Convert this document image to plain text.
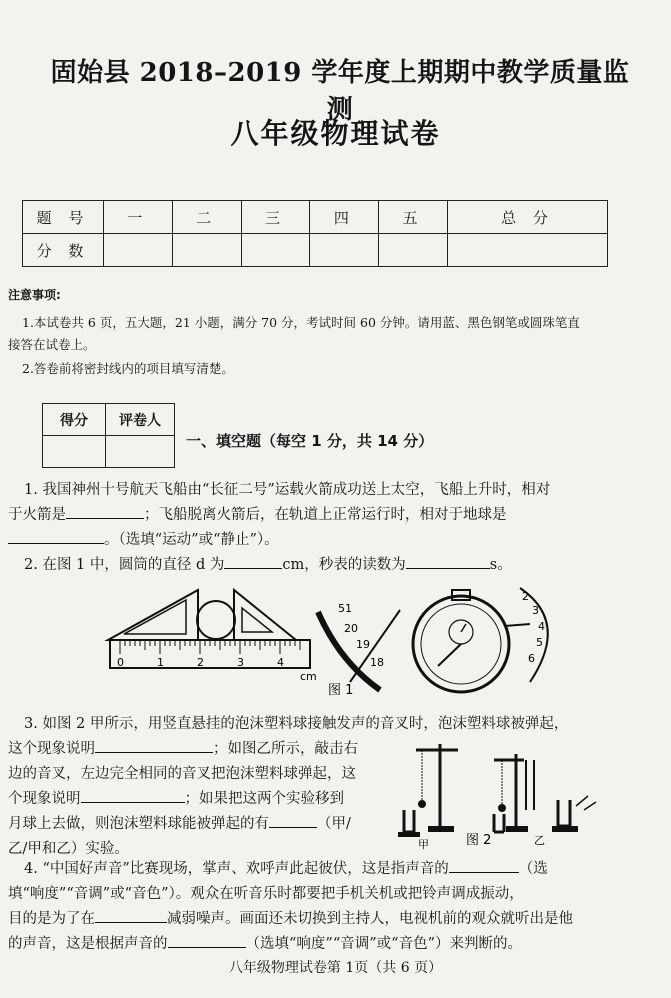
固始县 2018–2019 学年度上期期中教学质量监测
八年级物理试卷
题 号	一	二	三	四	五	总 分
分 数						
注意事项:
1.本试卷共 6 页，五大题，21 小题，满分 70 分，考试时间 60 分钟。请用蓝、黑色钢笔或圆珠笔直
接答在试卷上。
2.答卷前将密封线内的项目填写清楚。
得分	评卷人

一、填空题（每空 1 分，共 14 分）
1. 我国神州十号航天飞船由“长征二号”运载火箭成功送上太空，飞船上升时，相对
于火箭是	；飞船脱离火箭后，在轨道上正常运行时，相对于地球是
。（选填“运动”或“静止”）。
2. 在图 1 中，圆筒的直径 d 为	cm，秒表的读数为	s。
0	1	2	3	4
cm
51
20
19
18
2
3
4
5
6
图 1
3. 如图 2 甲所示，用竖直悬挂的泡沫塑料球接触发声的音叉时，泡沫塑料球被弹起，
这个现象说明	；如图乙所示，敲击右
边的音叉，左边完全相同的音叉把泡沫塑料球弹起，这
个现象说明	；如果把这两个实验移到
月球上去做，则泡沫塑料球能被弹起的有	（甲/
乙/甲和乙）实验。	甲	图 2	乙
4. “中国好声音”比赛现场，掌声、欢呼声此起彼伏，这是指声音的	（选
填“响度”“音调”或“音色”）。观众在听音乐时都要把手机关机或把铃声调成振动，
目的是为了在	减弱噪声。画面还未切换到主持人，电视机前的观众就听出是他
的声音，这是根据声音的	（选填“响度”“音调”或“音色”）来判断的。
八年级物理试卷第 1页（共 6 页）
